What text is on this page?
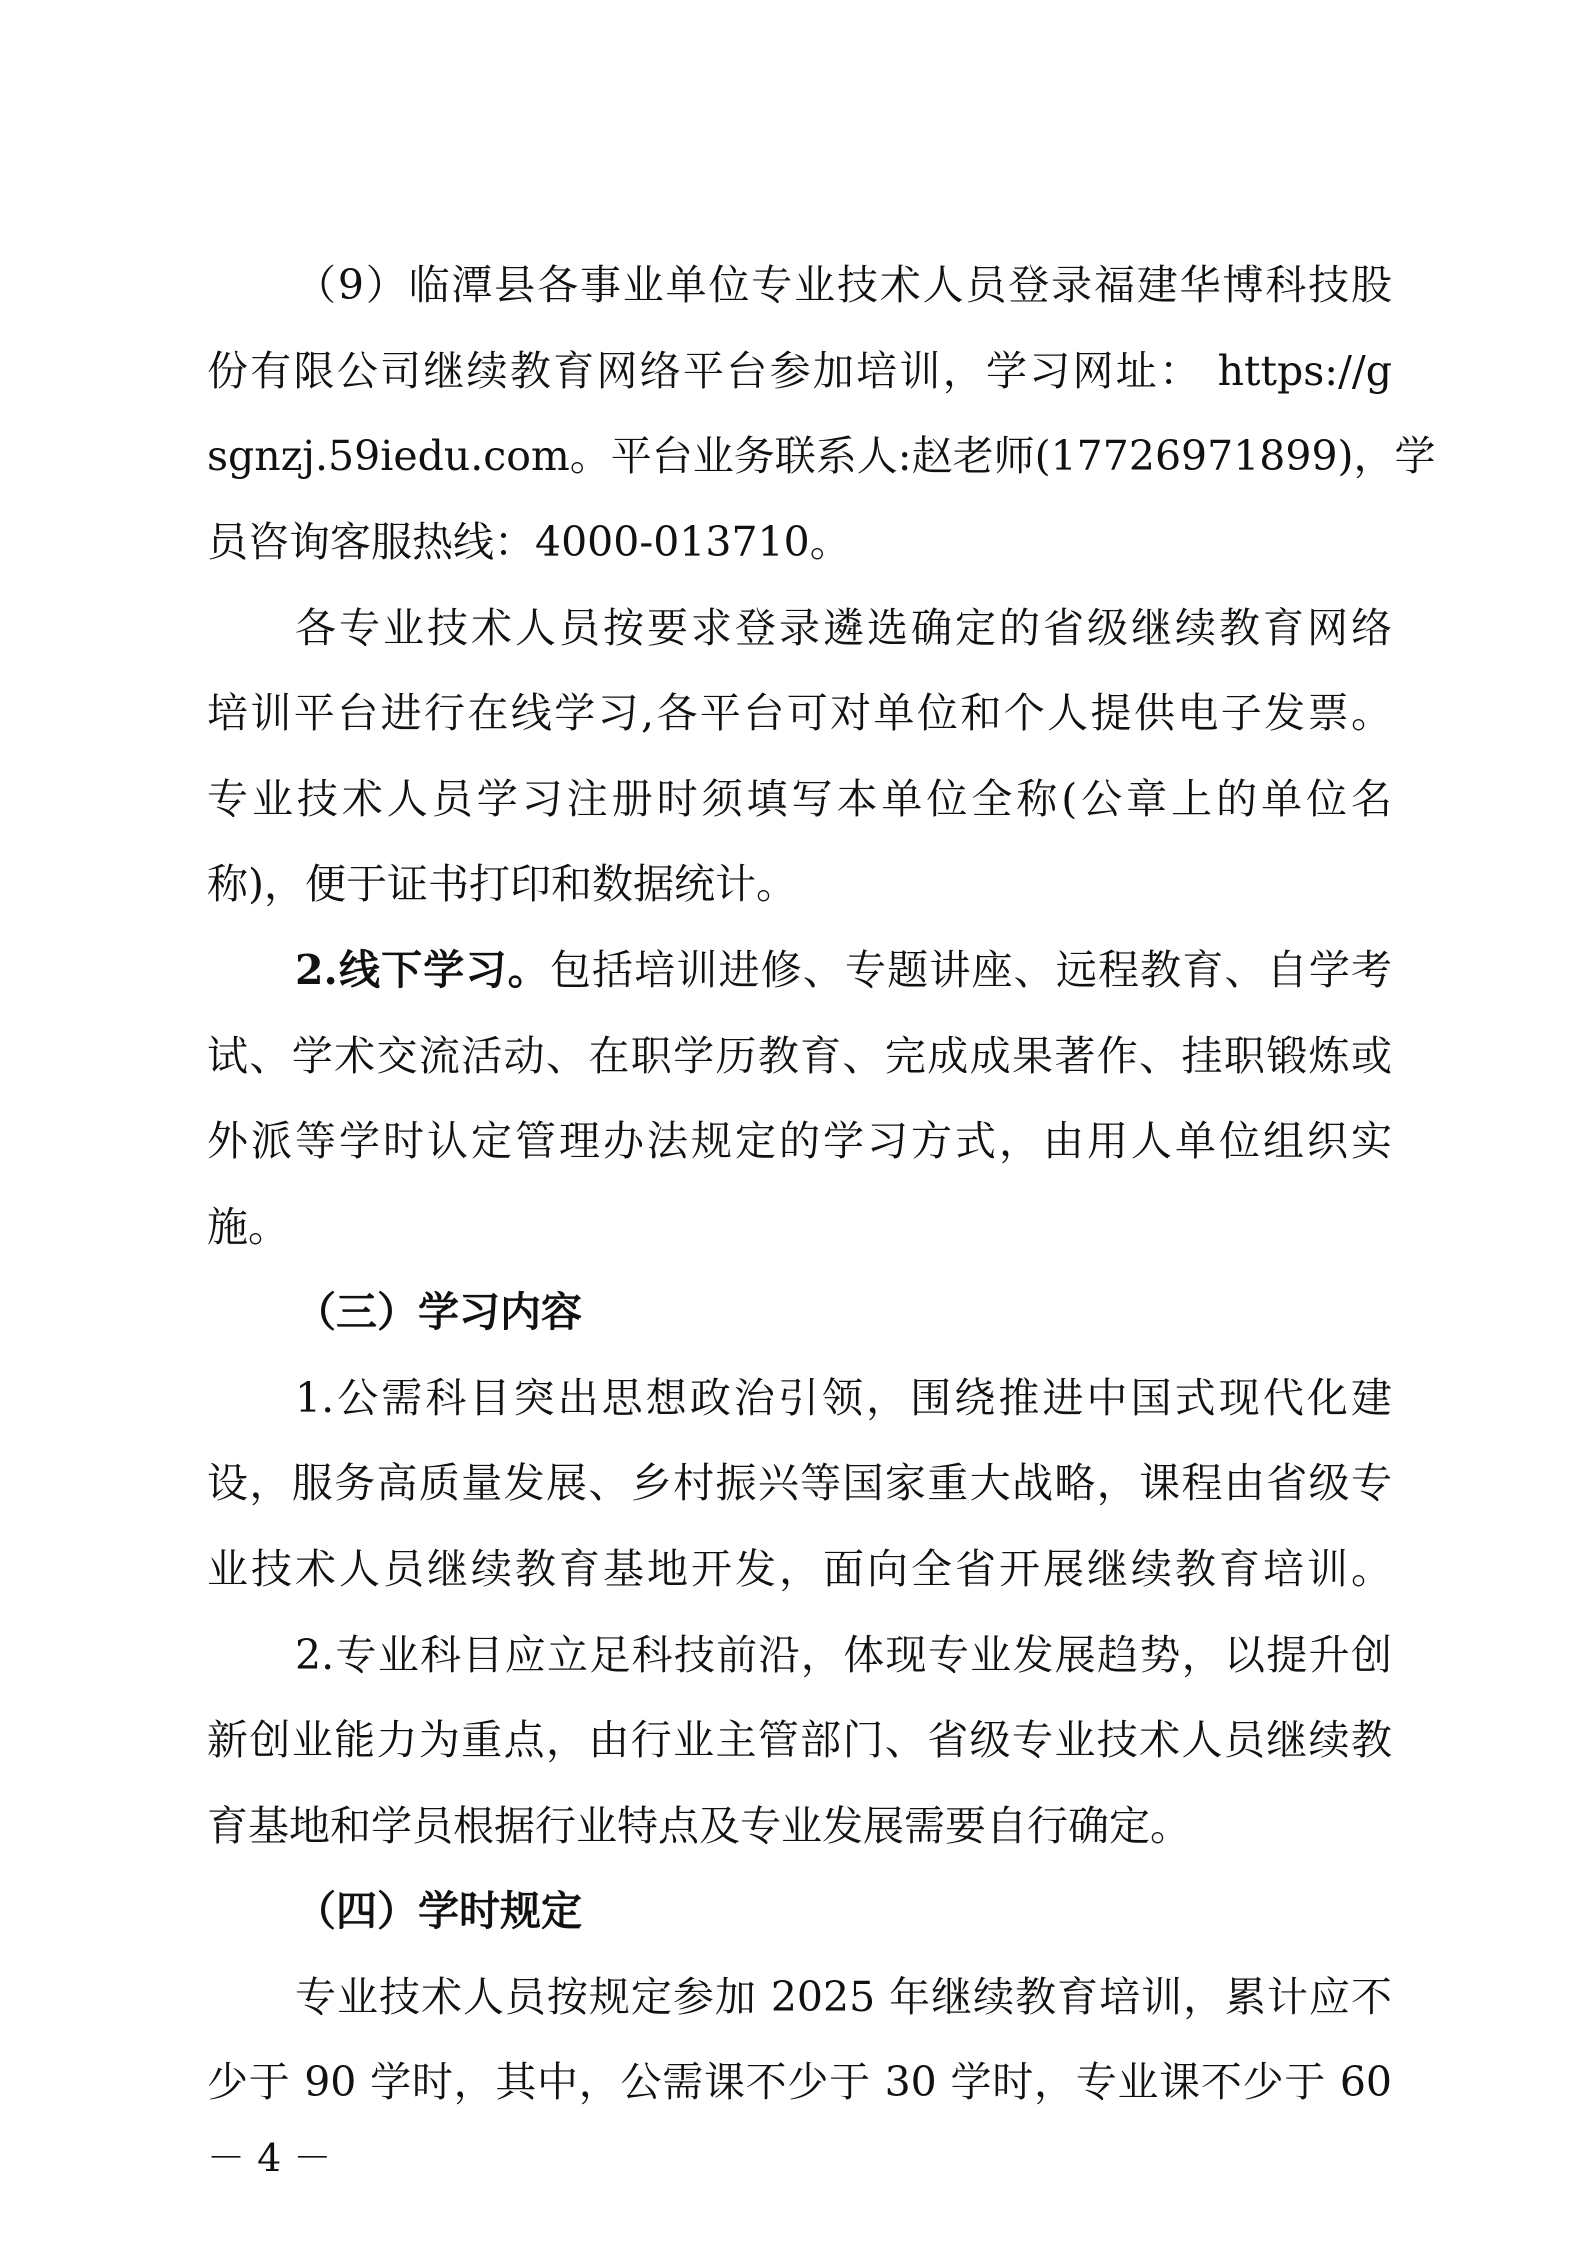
（9）临潭县各事业单位专业技术人员登录福建华博科技股
份有限公司继续教育网络平台参加培训，学习网址： https://g
sgnzj.59iedu.com。平台业务联系人:赵老师(17726971899)，学
员咨询客服热线：4000-013710。
各专业技术人员按要求登录遴选确定的省级继续教育网络
培训平台进行在线学习,各平台可对单位和个人提供电子发票。
专业技术人员学习注册时须填写本单位全称(公章上的单位名
称)，便于证书打印和数据统计。
2.线下学习。包括培训进修、专题讲座、远程教育、自学考
试、学术交流活动、在职学历教育、完成成果著作、挂职锻炼或
外派等学时认定管理办法规定的学习方式，由用人单位组织实
施。
（三）学习内容
1.公需科目突出思想政治引领，围绕推进中国式现代化建
设，服务高质量发展、乡村振兴等国家重大战略，课程由省级专
业技术人员继续教育基地开发，面向全省开展继续教育培训。
2.专业科目应立足科技前沿，体现专业发展趋势，以提升创
新创业能力为重点，由行业主管部门、省级专业技术人员继续教
育基地和学员根据行业特点及专业发展需要自行确定。
（四）学时规定
专业技术人员按规定参加 2025 年继续教育培训，累计应不
少于 90 学时，其中，公需课不少于 30 学时，专业课不少于 60
－ 4 －
